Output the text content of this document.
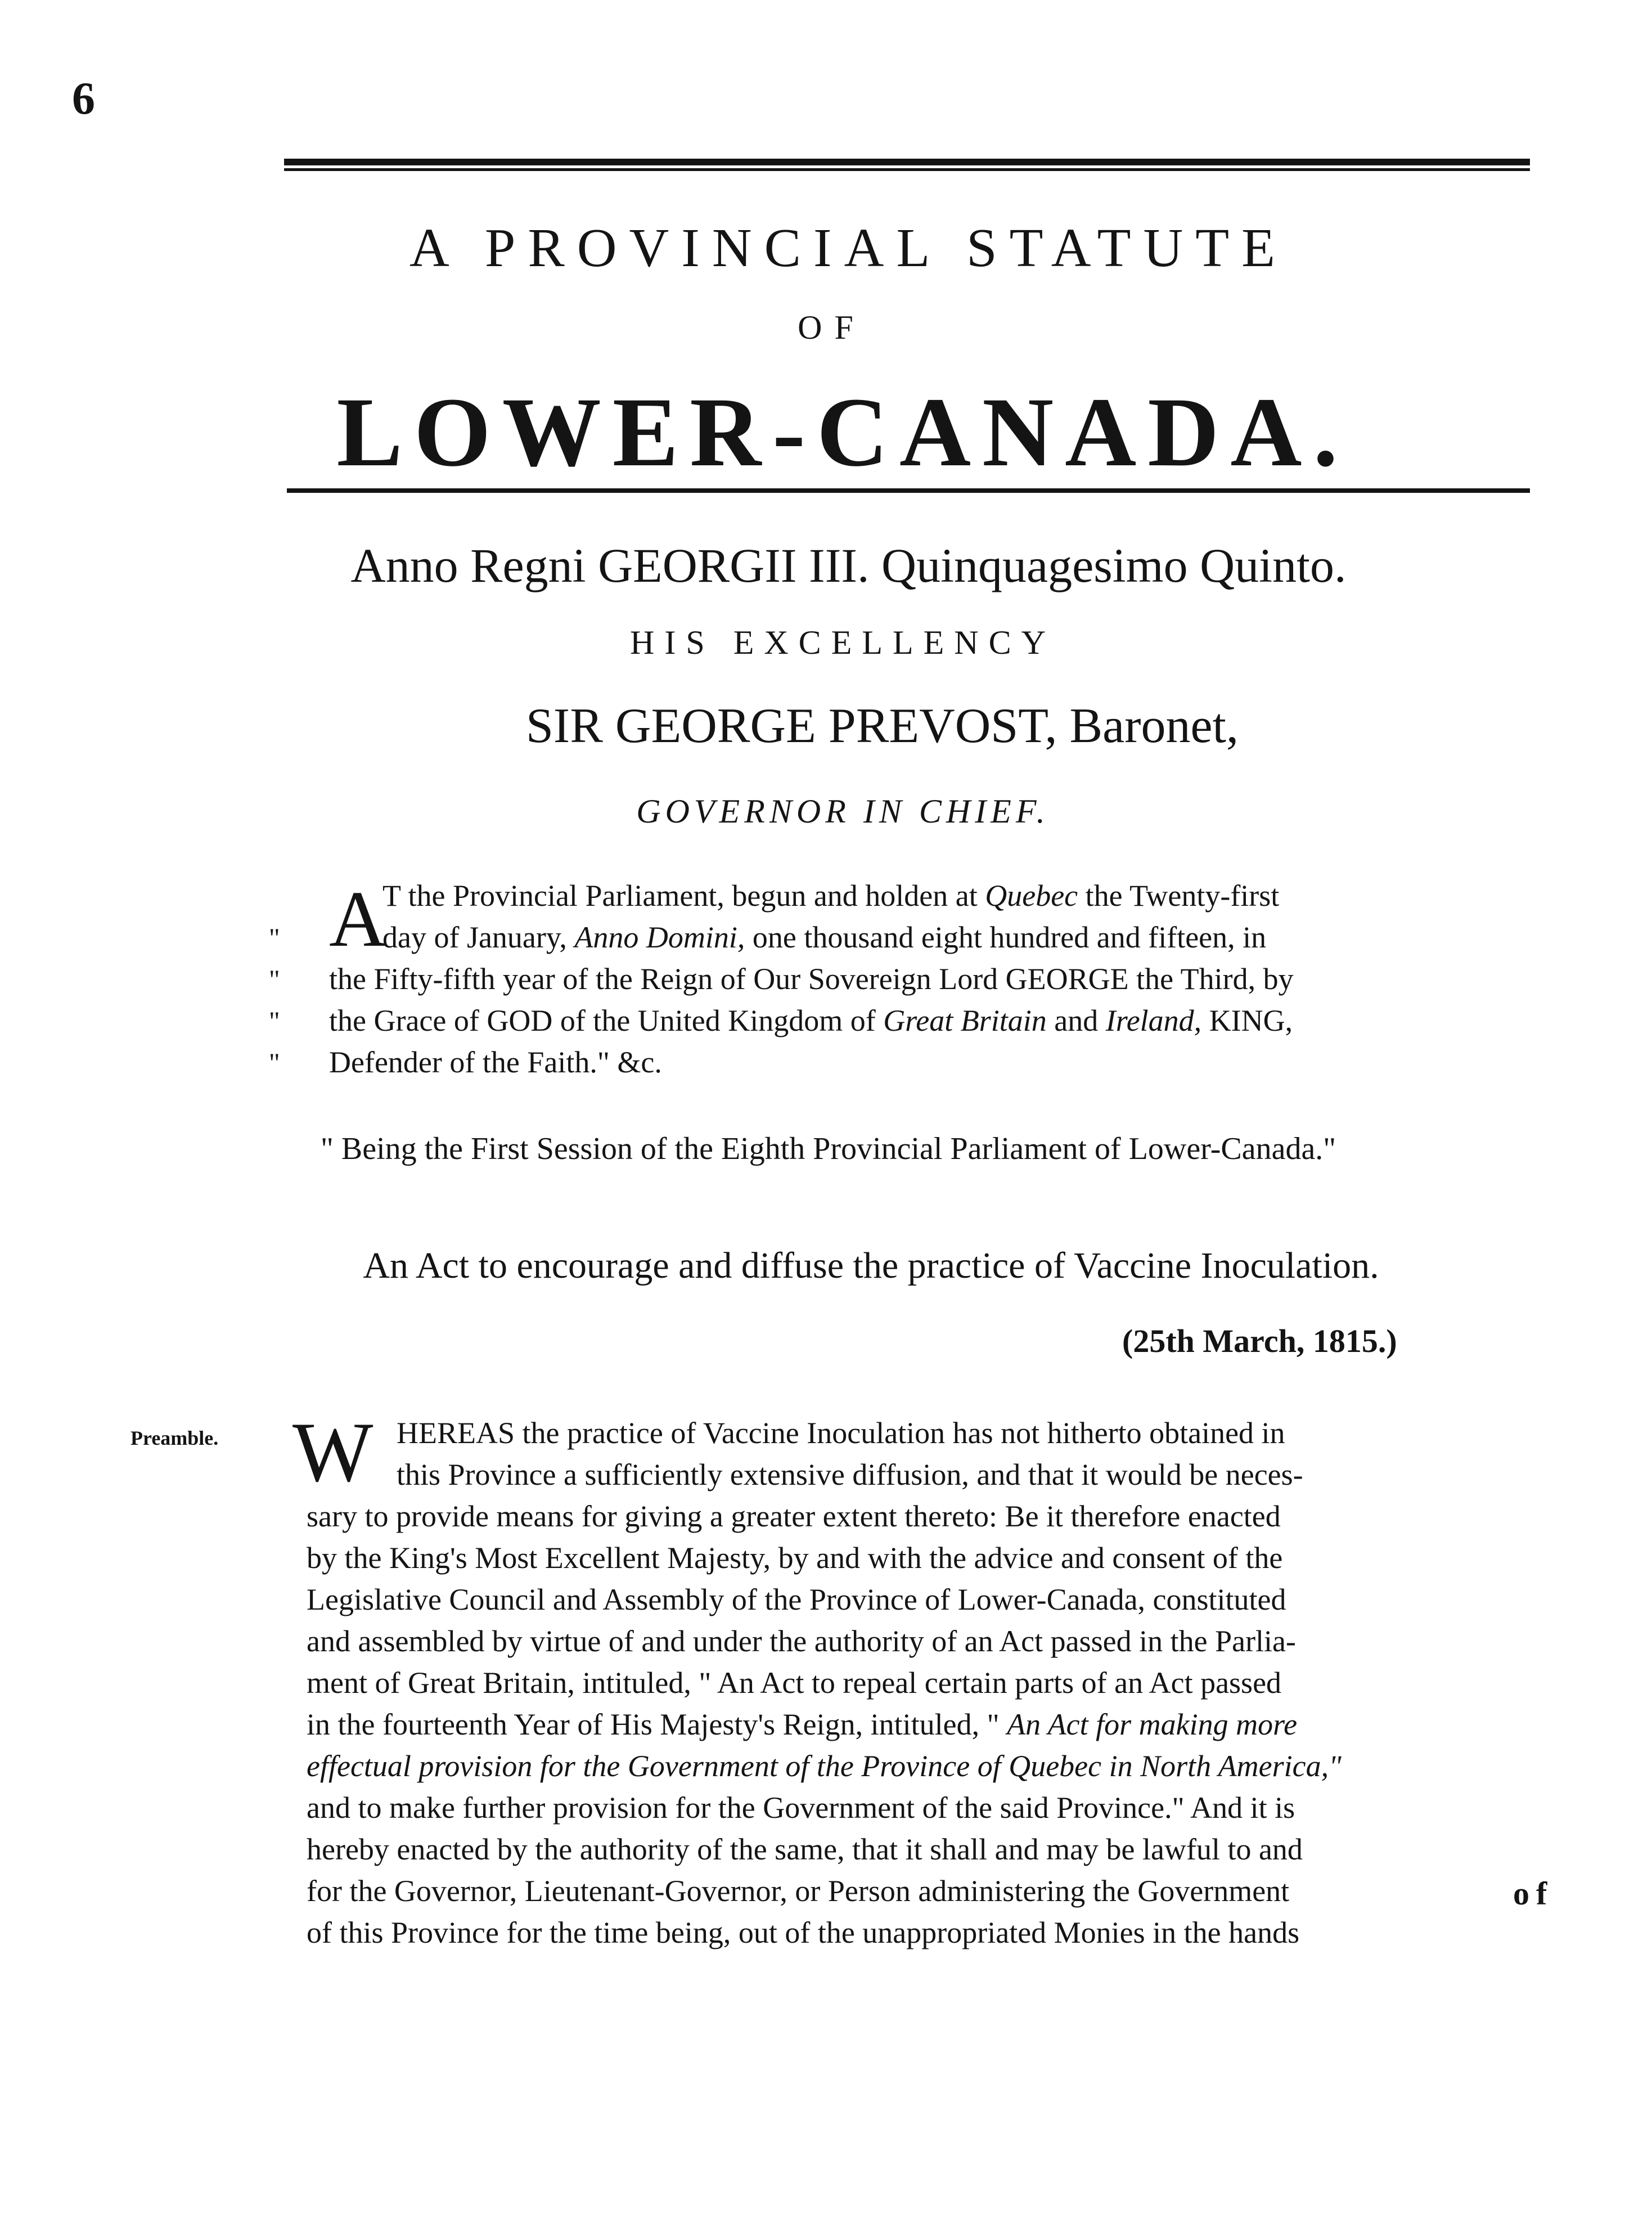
6
A PROVINCIAL STATUTE
OF
LOWER-CANADA.
Anno Regni GEORGII III. Quinquagesimo Quinto.
HIS EXCELLENCY
SIR GEORGE PREVOST, Baronet,
GOVERNOR IN CHIEF.
A
"
"
"
"
T the Provincial Parliament, begun and holden at Quebec the Twenty-first
day of January, Anno Domini, one thousand eight hundred and fifteen, in
the Fifty-fifth year of the Reign of Our Sovereign Lord GEORGE the Third, by
the Grace of GOD of the United Kingdom of Great Britain and Ireland, KING,
Defender of the Faith." &c.
" Being the First Session of the Eighth Provincial Parliament of Lower-Canada."
An Act to encourage and diffuse the practice of Vaccine Inoculation.
(25th March, 1815.)
Preamble. W HEREAS the practice of Vaccine Inoculation has not hitherto obtained in
this Province a sufficiently extensive diffusion, and that it would be neces-
sary to provide means for giving a greater extent thereto: Be it therefore enacted
by the King's Most Excellent Majesty, by and with the advice and consent of the
Legislative Council and Assembly of the Province of Lower-Canada, constituted
and assembled by virtue of and under the authority of an Act passed in the Parlia-
ment of Great Britain, intituled, " An Act to repeal certain parts of an Act passed
in the fourteenth Year of His Majesty's Reign, intituled, " An Act for making more
effectual provision for the Government of the Province of Quebec in North America,"
and to make further provision for the Government of the said Province." And it is
hereby enacted by the authority of the same, that it shall and may be lawful to and
for the Governor, Lieutenant-Governor, or Person administering the Government
of this Province for the time being, out of the unappropriated Monies in the hands
of
